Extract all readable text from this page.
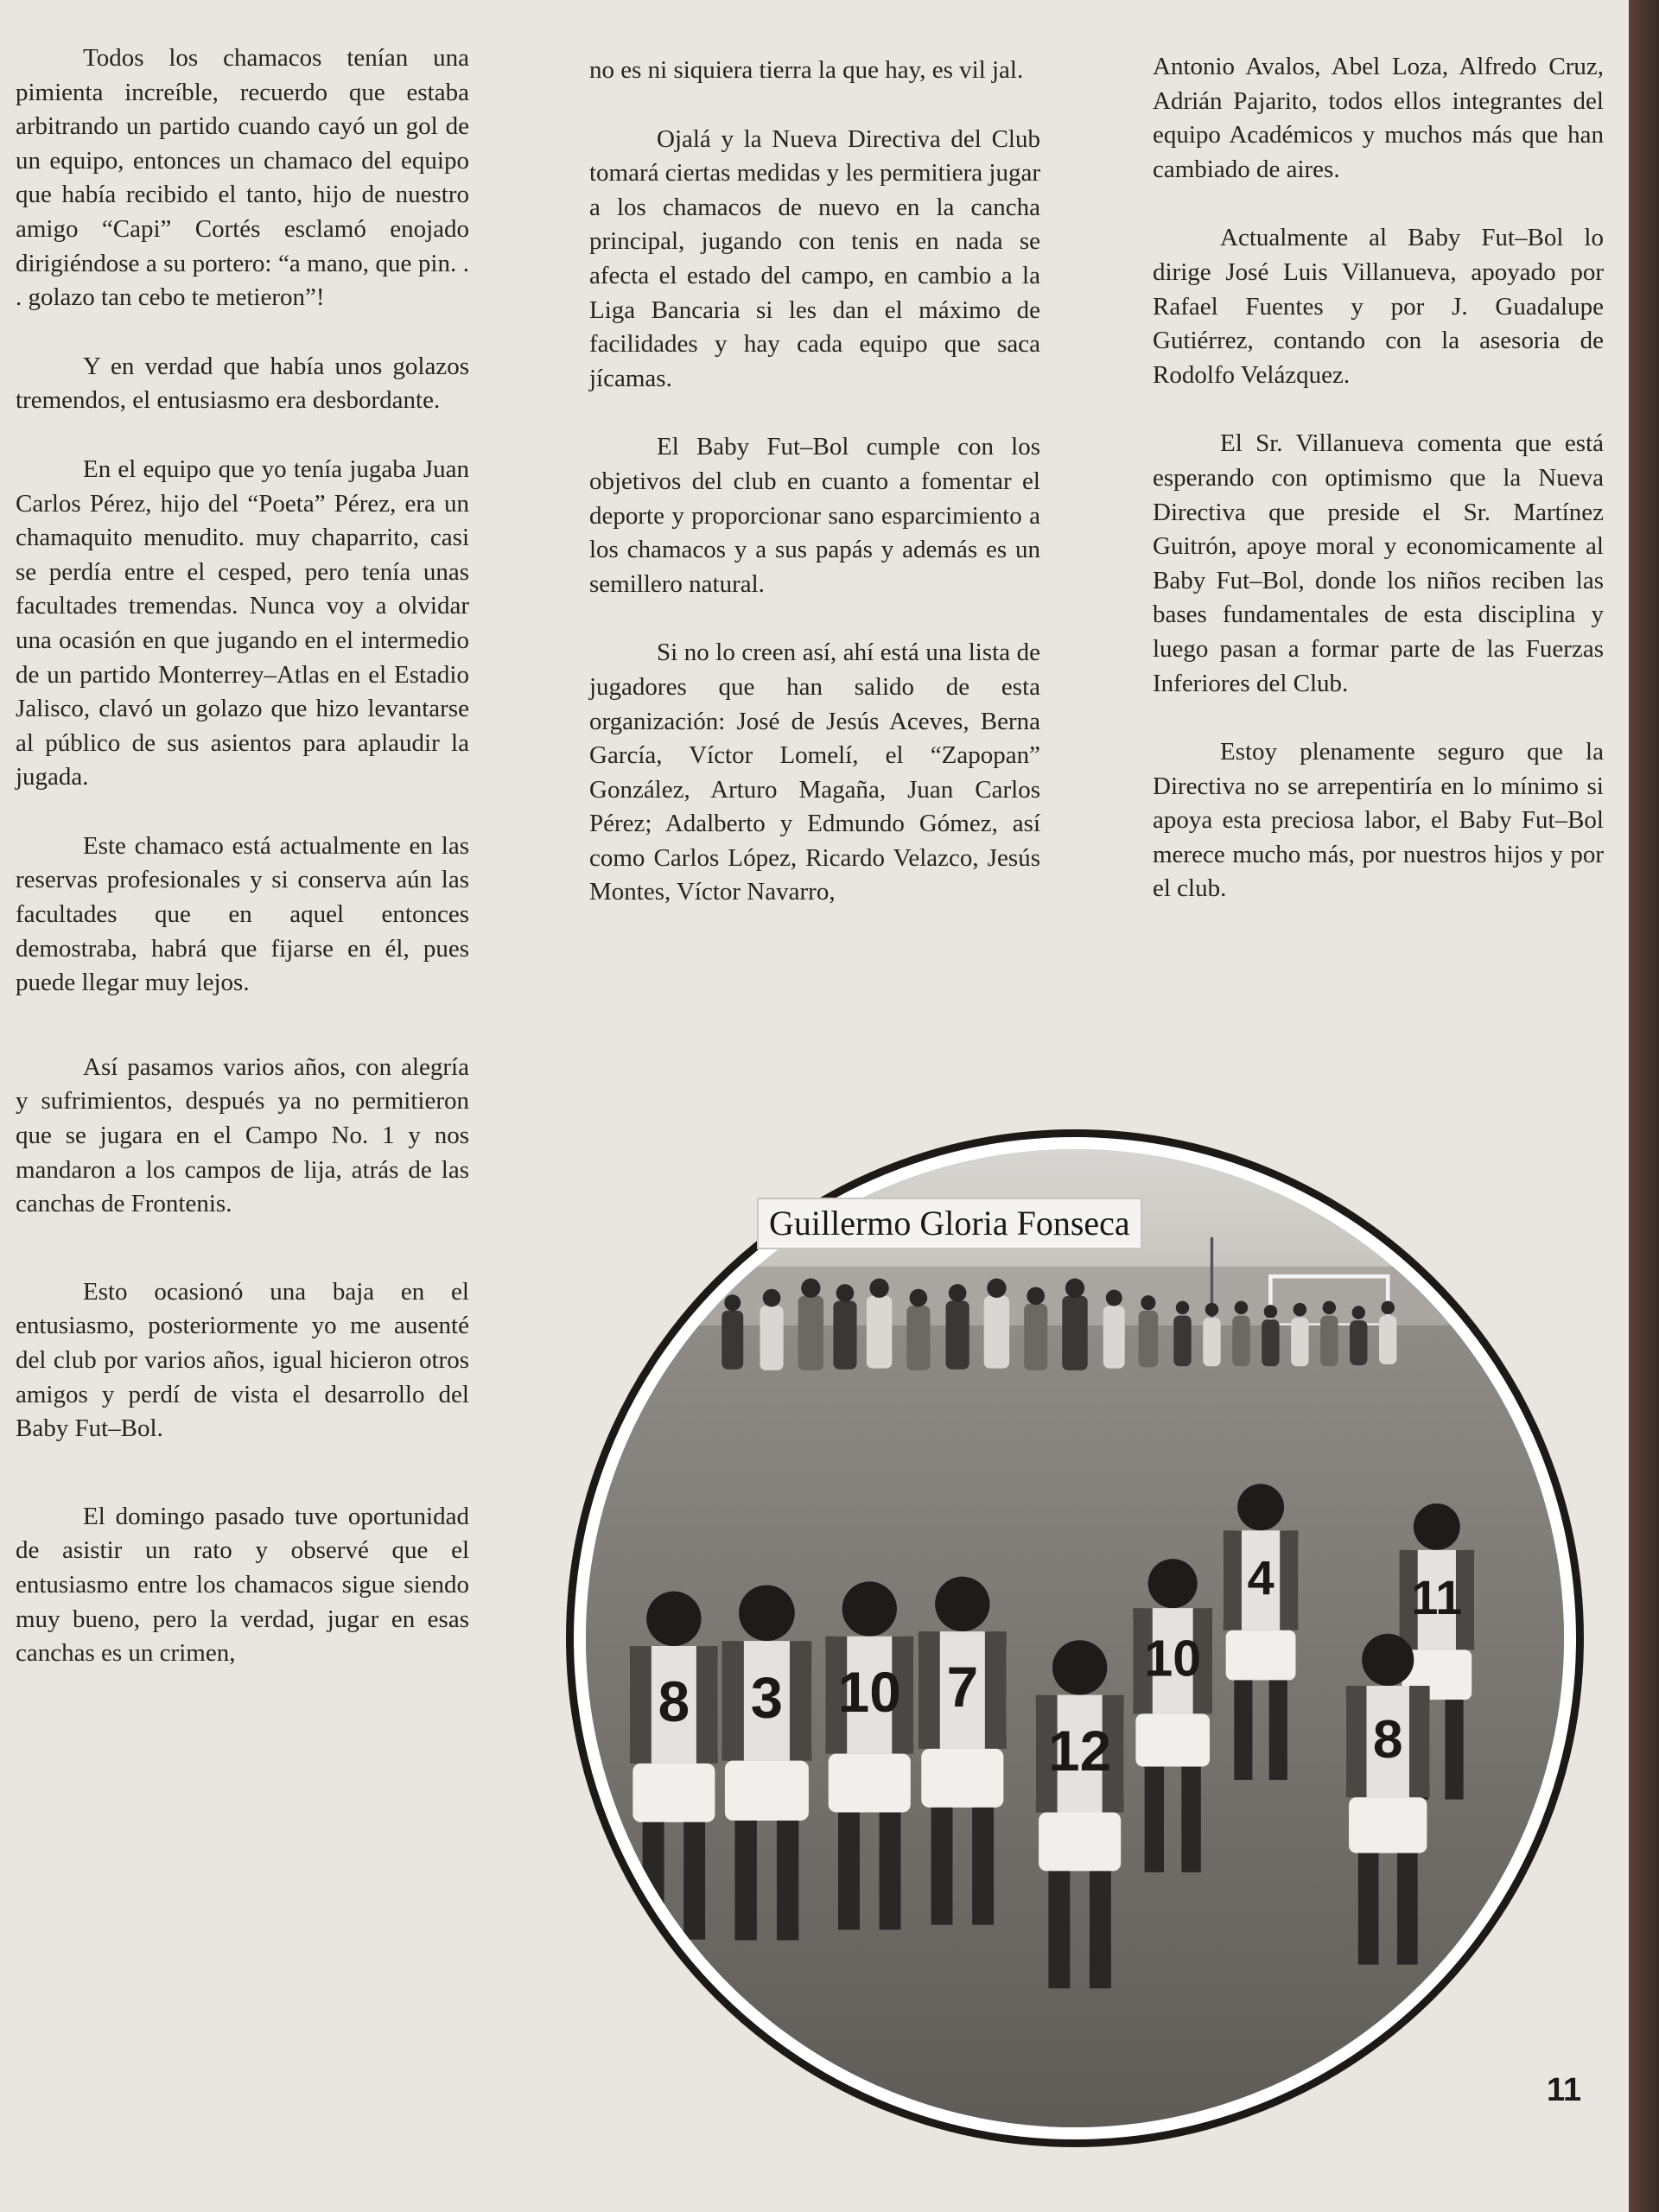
Todos los chamacos tenían una pimienta increíble, recuerdo que estaba arbitrando un partido cuando cayó un gol de un equipo, entonces un chamaco del equipo que había recibido el tanto, hijo de nuestro amigo “Capi” Cortés esclamó enojado dirigiéndose a su portero: “a mano, que pin. . . golazo tan cebo te metieron”!

Y en verdad que había unos golazos tremendos, el entusiasmo era desbordante.

En el equipo que yo tenía jugaba Juan Carlos Pérez, hijo del “Poeta” Pérez, era un chamaquito menudito. muy chaparrito, casi se perdía entre el cesped, pero tenía unas facultades tremendas. Nunca voy a olvidar una ocasión en que jugando en el intermedio de un partido Monterrey–Atlas en el Estadio Jalisco, clavó un golazo que hizo levantarse al público de sus asientos para aplaudir la jugada.

Este chamaco está actualmente en las reservas profesionales y si conserva aún las facultades que en aquel entonces demostraba, habrá que fijarse en él, pues puede llegar muy lejos.

Así pasamos varios años, con alegría y sufrimientos, después ya no permitieron que se jugara en el Campo No. 1 y nos mandaron a los campos de lija, atrás de las canchas de Frontenis.

Esto ocasionó una baja en el entusiasmo, posteriormente yo me ausenté del club por varios años, igual hicieron otros amigos y perdí de vista el desarrollo del Baby Fut–Bol.

El domingo pasado tuve oportunidad de asistir un rato y observé que el entusiasmo entre los chamacos sigue siendo muy bueno, pero la verdad, jugar en esas canchas es un crimen,

no es ni siquiera tierra la que hay, es vil jal.

Ojalá y la Nueva Directiva del Club tomará ciertas medidas y les permitiera jugar a los chamacos de nuevo en la cancha principal, jugando con tenis en nada se afecta el estado del campo, en cambio a la Liga Bancaria si les dan el máximo de facilidades y hay cada equipo que saca jícamas.

El Baby Fut–Bol cumple con los objetivos del club en cuanto a fomentar el deporte y proporcionar sano esparcimiento a los chamacos y a sus papás y además es un semillero natural.

Si no lo creen así, ahí está una lista de jugadores que han salido de esta organización: José de Jesús Aceves, Berna García, Víctor Lomelí, el “Zapopan” González, Arturo Magaña, Juan Carlos Pérez; Adalberto y Edmundo Gómez, así como Carlos López, Ricardo Velazco, Jesús Montes, Víctor Navarro,

Antonio Avalos, Abel Loza, Alfredo Cruz, Adrián Pajarito, todos ellos integrantes del equipo Académicos y muchos más que han cambiado de aires.

Actualmente al Baby Fut–Bol lo dirige José Luis Villanueva, apoyado por Rafael Fuentes y por J. Guadalupe Gutiérrez, contando con la asesoria de Rodolfo Velázquez.

El Sr. Villanueva comenta que está esperando con optimismo que la Nueva Directiva que preside el Sr. Martínez Guitrón, apoye moral y economicamente al Baby Fut–Bol, donde los niños reciben las bases fundamentales de esta disciplina y luego pasan a formar parte de las Fuerzas Inferiores del Club.

Estoy plenamente seguro que la Directiva no se arrepentiría en lo mínimo si apoya esta preciosa labor, el Baby Fut–Bol merece mucho más, por nuestros hijos y por el club.

8 3 10 7
12
10
4	11
8
Guillermo Gloria Fonseca
11
